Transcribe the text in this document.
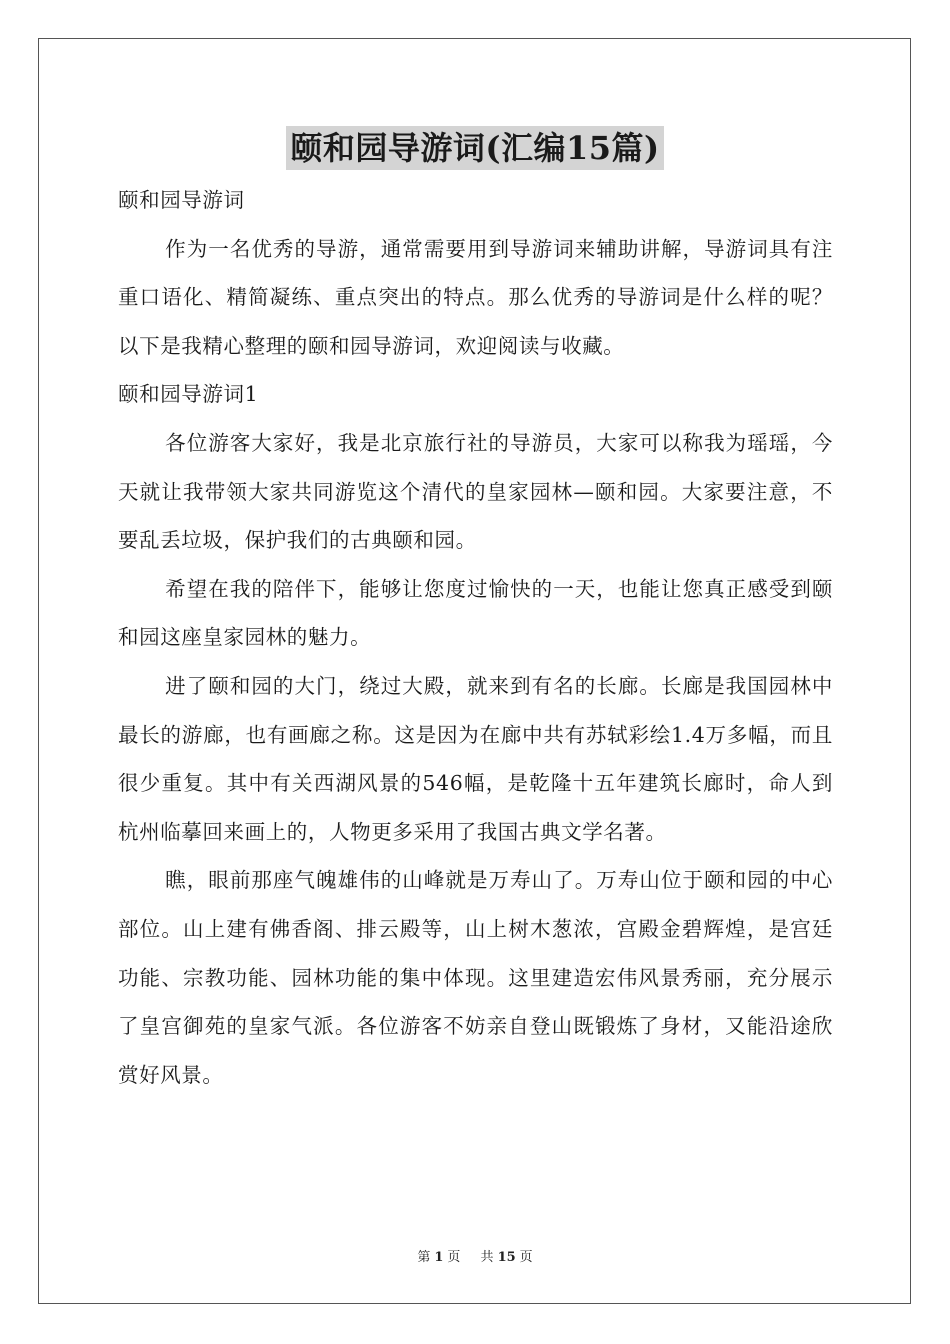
颐和园导游词(汇编15篇)

颐和园导游词

作为一名优秀的导游，通常需要用到导游词来辅助讲解，导游词具有注重口语化、精简凝练、重点突出的特点。那么优秀的导游词是什么样的呢？以下是我精心整理的颐和园导游词，欢迎阅读与收藏。

颐和园导游词1

各位游客大家好，我是北京旅行社的导游员，大家可以称我为瑶瑶，今天就让我带领大家共同游览这个清代的皇家园林—颐和园。大家要注意，不要乱丢垃圾，保护我们的古典颐和园。

希望在我的陪伴下，能够让您度过愉快的一天，也能让您真正感受到颐和园这座皇家园林的魅力。

进了颐和园的大门，绕过大殿，就来到有名的长廊。长廊是我国园林中最长的游廊，也有画廊之称。这是因为在廊中共有苏轼彩绘1.4万多幅，而且很少重复。其中有关西湖风景的546幅，是乾隆十五年建筑长廊时，命人到杭州临摹回来画上的，人物更多采用了我国古典文学名著。

瞧，眼前那座气魄雄伟的山峰就是万寿山了。万寿山位于颐和园的中心部位。山上建有佛香阁、排云殿等，山上树木葱浓，宫殿金碧辉煌，是宫廷功能、宗教功能、园林功能的集中体现。这里建造宏伟风景秀丽，充分展示了皇宫御苑的皇家气派。各位游客不妨亲自登山既锻炼了身材，又能沿途欣赏好风景。

第 1 页 共 15 页
